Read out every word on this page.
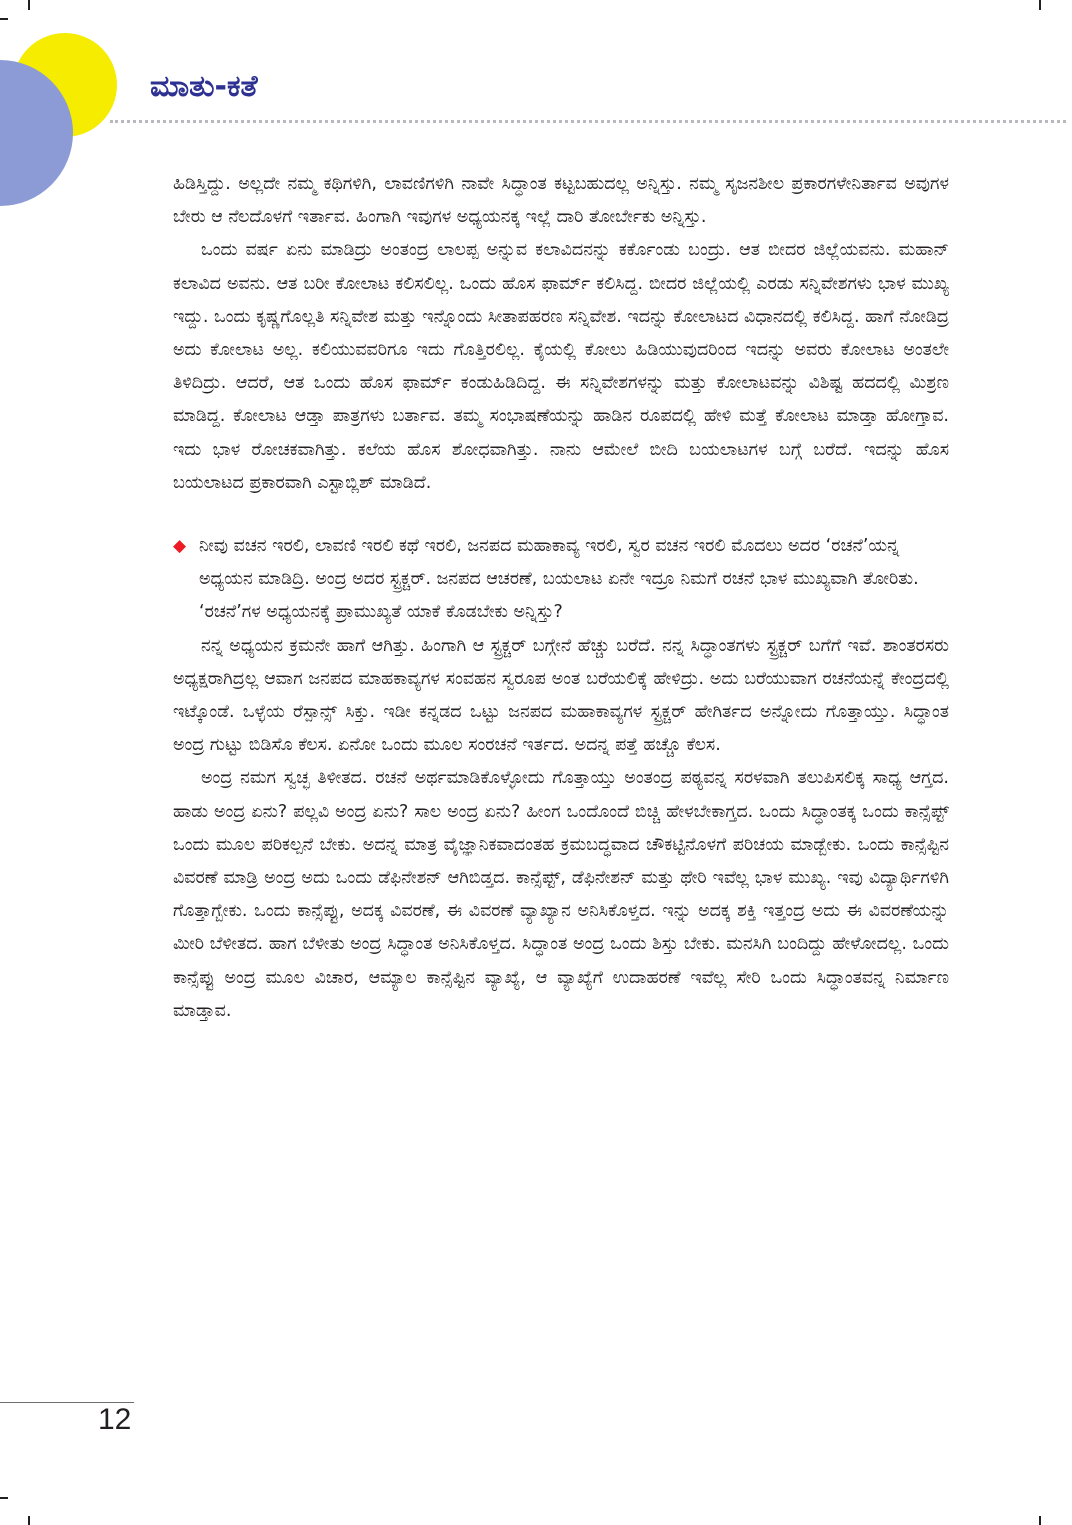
ಮಾತು-ಕತೆ

ಹಿಡಿಸ್ತಿದ್ದು. ಅಲ್ಲದೇ ನಮ್ಮ ಕಥಿಗಳಿಗಿ, ಲಾವಣಿಗಳಿಗಿ ನಾವೇ ಸಿದ್ಧಾಂತ ಕಟ್ಟಬಹುದಲ್ಲ ಅನ್ನಿಸ್ತು. ನಮ್ಮ ಸೃಜನಶೀಲ ಪ್ರಕಾರಗಳೇನಿರ್ತಾವ ಅವುಗಳ ಬೇರು ಆ ನೆಲದೊಳಗೆ ಇರ್ತಾವ. ಹಿಂಗಾಗಿ ಇವುಗಳ ಅಧ್ಯಯನಕ್ಕ ಇಲ್ಲೆ ದಾರಿ ತೋರ್ಬೇಕು ಅನ್ನಿಸ್ತು.

ಒಂದು ವರ್ಷ ಏನು ಮಾಡಿದ್ರು ಅಂತಂದ್ರ ಲಾಲಪ್ಪ ಅನ್ನುವ ಕಲಾವಿದನನ್ನು ಕರ್ಕೊಂಡು ಬಂದ್ರು. ಆತ ಬೀದರ ಜಿಲ್ಲೆಯವನು. ಮಹಾನ್ ಕಲಾವಿದ ಅವನು. ಆತ ಬರೀ ಕೋಲಾಟ ಕಲಿಸಲಿಲ್ಲ. ಒಂದು ಹೊಸ ಫಾರ್ಮ್ ಕಲಿಸಿದ್ದ. ಬೀದರ ಜಿಲ್ಲೆಯಲ್ಲಿ ಎರಡು ಸನ್ನಿವೇಶಗಳು ಭಾಳ ಮುಖ್ಯ ಇದ್ದು. ಒಂದು ಕೃಷ್ಣಗೊಲ್ಲತಿ ಸನ್ನಿವೇಶ ಮತ್ತು ಇನ್ನೊಂದು ಸೀತಾಪಹರಣ ಸನ್ನಿವೇಶ. ಇದನ್ನು ಕೋಲಾಟದ ವಿಧಾನದಲ್ಲಿ ಕಲಿಸಿದ್ದ. ಹಾಗೆ ನೋಡಿದ್ರ ಅದು ಕೋಲಾಟ ಅಲ್ಲ. ಕಲಿಯುವವರಿಗೂ ಇದು ಗೊತ್ತಿರಲಿಲ್ಲ. ಕೈಯಲ್ಲಿ ಕೋಲು ಹಿಡಿಯುವುದರಿಂದ ಇದನ್ನು ಅವರು ಕೋಲಾಟ ಅಂತಲೇ ತಿಳಿದಿದ್ರು. ಆದರೆ, ಆತ ಒಂದು ಹೊಸ ಫಾರ್ಮ್ ಕಂಡುಹಿಡಿದಿದ್ದ. ಈ ಸನ್ನಿವೇಶಗಳನ್ನು ಮತ್ತು ಕೋಲಾಟವನ್ನು ವಿಶಿಷ್ಟ ಹದದಲ್ಲಿ ಮಿಶ್ರಣ ಮಾಡಿದ್ದ. ಕೋಲಾಟ ಆಡ್ತಾ ಪಾತ್ರಗಳು ಬರ್ತಾವ. ತಮ್ಮ ಸಂಭಾಷಣೆಯನ್ನು ಹಾಡಿನ ರೂಪದಲ್ಲಿ ಹೇಳಿ ಮತ್ತೆ ಕೋಲಾಟ ಮಾಡ್ತಾ ಹೋಗ್ತಾವ. ಇದು ಭಾಳ ರೋಚಕವಾಗಿತ್ತು. ಕಲೆಯ ಹೊಸ ಶೋಧವಾಗಿತ್ತು. ನಾನು ಆಮೇಲೆ ಬೀದಿ ಬಯಲಾಟಗಳ ಬಗ್ಗೆ ಬರೆದೆ. ಇದನ್ನು ಹೊಸ ಬಯಲಾಟದ ಪ್ರಕಾರವಾಗಿ ಎಸ್ಟಾಬ್ಲಿಶ್ ಮಾಡಿದೆ.

◆ ನೀವು ವಚನ ಇರಲಿ, ಲಾವಣಿ ಇರಲಿ ಕಥೆ ಇರಲಿ, ಜನಪದ ಮಹಾಕಾವ್ಯ ಇರಲಿ, ಸ್ವರ ವಚನ ಇರಲಿ ಮೊದಲು ಅದರ ‘ರಚನೆ’ಯನ್ನ ಅಧ್ಯಯನ ಮಾಡಿದ್ರಿ. ಅಂದ್ರ ಅದರ ಸ್ಟ್ರಕ್ಚರ್. ಜನಪದ ಆಚರಣೆ, ಬಯಲಾಟ ಏನೇ ಇದ್ರೂ ನಿಮಗೆ ರಚನೆ ಭಾಳ ಮುಖ್ಯವಾಗಿ ತೋರಿತು. ‘ರಚನೆ’ಗಳ ಅಧ್ಯಯನಕ್ಕೆ ಪ್ರಾಮುಖ್ಯತೆ ಯಾಕೆ ಕೊಡಬೇಕು ಅನ್ನಿಸ್ತು?

ನನ್ನ ಅಧ್ಯಯನ ಕ್ರಮನೇ ಹಾಗೆ ಆಗಿತ್ತು. ಹಿಂಗಾಗಿ ಆ ಸ್ಟ್ರಕ್ಚರ್ ಬಗ್ಗೇನೆ ಹೆಚ್ಚು ಬರೆದೆ. ನನ್ನ ಸಿದ್ಧಾಂತಗಳು ಸ್ಟ್ರಕ್ಚರ್ ಬಗೆಗೆ ಇವೆ. ಶಾಂತರಸರು ಅಧ್ಯಕ್ಷರಾಗಿದ್ರಲ್ಲ ಆವಾಗ ಜನಪದ ಮಾಹಕಾವ್ಯಗಳ ಸಂವಹನ ಸ್ವರೂಪ ಅಂತ ಬರೆಯಲಿಕ್ಕೆ ಹೇಳಿದ್ರು. ಅದು ಬರೆಯುವಾಗ ರಚನೆಯನ್ನೆ ಕೇಂದ್ರದಲ್ಲಿ ಇಟ್ಕೊಂಡೆ. ಒಳ್ಳೆಯ ರೆಸ್ಪಾನ್ಸ್ ಸಿಕ್ತು. ಇಡೀ ಕನ್ನಡದ ಒಟ್ಟು ಜನಪದ ಮಹಾಕಾವ್ಯಗಳ ಸ್ಟ್ರಕ್ಚರ್ ಹೇಗಿರ್ತದ ಅನ್ನೋದು ಗೊತ್ತಾಯ್ತು. ಸಿದ್ಧಾಂತ ಅಂದ್ರ ಗುಟ್ಟು ಬಿಡಿಸೊ ಕೆಲಸ. ಏನೋ ಒಂದು ಮೂಲ ಸಂರಚನೆ ಇರ್ತದ. ಅದನ್ನ ಪತ್ತೆ ಹಚ್ಚೊ ಕೆಲಸ.

ಅಂದ್ರ ನಮಗ ಸ್ವಚ್ಛ ತಿಳೀತದ. ರಚನೆ ಅರ್ಥಮಾಡಿಕೊಳ್ಳೋದು ಗೊತ್ತಾಯ್ತು ಅಂತಂದ್ರ ಪಠ್ಯವನ್ನ ಸರಳವಾಗಿ ತಲುಪಿಸಲಿಕ್ಕ ಸಾಧ್ಯ ಆಗ್ತದ. ಹಾಡು ಅಂದ್ರ ಏನು? ಪಲ್ಲವಿ ಅಂದ್ರ ಏನು? ಸಾಲ ಅಂದ್ರ ಏನು? ಹೀಂಗ ಒಂದೊಂದೆ ಬಿಚ್ಚಿ ಹೇಳಬೇಕಾಗ್ತದ. ಒಂದು ಸಿದ್ಧಾಂತಕ್ಕ ಒಂದು ಕಾನ್ಸೆಪ್ಟ್ ಒಂದು ಮೂಲ ಪರಿಕಲ್ಪನೆ ಬೇಕು. ಅದನ್ನ ಮಾತ್ರ ವೈಜ್ಞಾನಿಕವಾದಂತಹ ಕ್ರಮಬದ್ಧವಾದ ಚೌಕಟ್ಟಿನೊಳಗೆ ಪರಿಚಯ ಮಾಡ್ಬೇಕು. ಒಂದು ಕಾನ್ಸೆಪ್ಟಿನ ವಿವರಣೆ ಮಾಡ್ರಿ ಅಂದ್ರ ಅದು ಒಂದು ಡೆಫಿನೇಶನ್ ಆಗಿಬಿಡ್ತದ. ಕಾನ್ಸೆಪ್ಟ್, ಡೆಫಿನೇಶನ್ ಮತ್ತು ಥೇರಿ ಇವೆಲ್ಲ ಭಾಳ ಮುಖ್ಯ. ಇವು ವಿದ್ಯಾರ್ಥಿಗಳಿಗಿ ಗೊತ್ತಾಗ್ಬೇಕು. ಒಂದು ಕಾನ್ಸೆಪ್ಟು, ಅದಕ್ಕ ವಿವರಣೆ, ಈ ವಿವರಣೆ ವ್ಯಾಖ್ಯಾನ ಅನಿಸಿಕೊಳ್ತದ. ಇನ್ನು ಅದಕ್ಕ ಶಕ್ತಿ ಇತ್ತಂದ್ರ ಅದು ಈ ವಿವರಣೆಯನ್ನು ಮೀರಿ ಬೆಳೀತದ. ಹಾಗ ಬೆಳೀತು ಅಂದ್ರ ಸಿದ್ಧಾಂತ ಅನಿಸಿಕೊಳ್ತದ. ಸಿದ್ಧಾಂತ ಅಂದ್ರ ಒಂದು ಶಿಸ್ತು ಬೇಕು. ಮನಸಿಗಿ ಬಂದಿದ್ದು ಹೇಳೋದಲ್ಲ. ಒಂದು ಕಾನ್ಸೆಪ್ಟು ಅಂದ್ರ ಮೂಲ ವಿಚಾರ, ಆಮ್ಯಾಲ ಕಾನ್ಸೆಪ್ಟಿನ ವ್ಯಾಖ್ಯೆ, ಆ ವ್ಯಾಖ್ಯೆಗೆ ಉದಾಹರಣೆ ಇವೆಲ್ಲ ಸೇರಿ ಒಂದು ಸಿದ್ಧಾಂತವನ್ನ ನಿರ್ಮಾಣ ಮಾಡ್ತಾವ.

12
